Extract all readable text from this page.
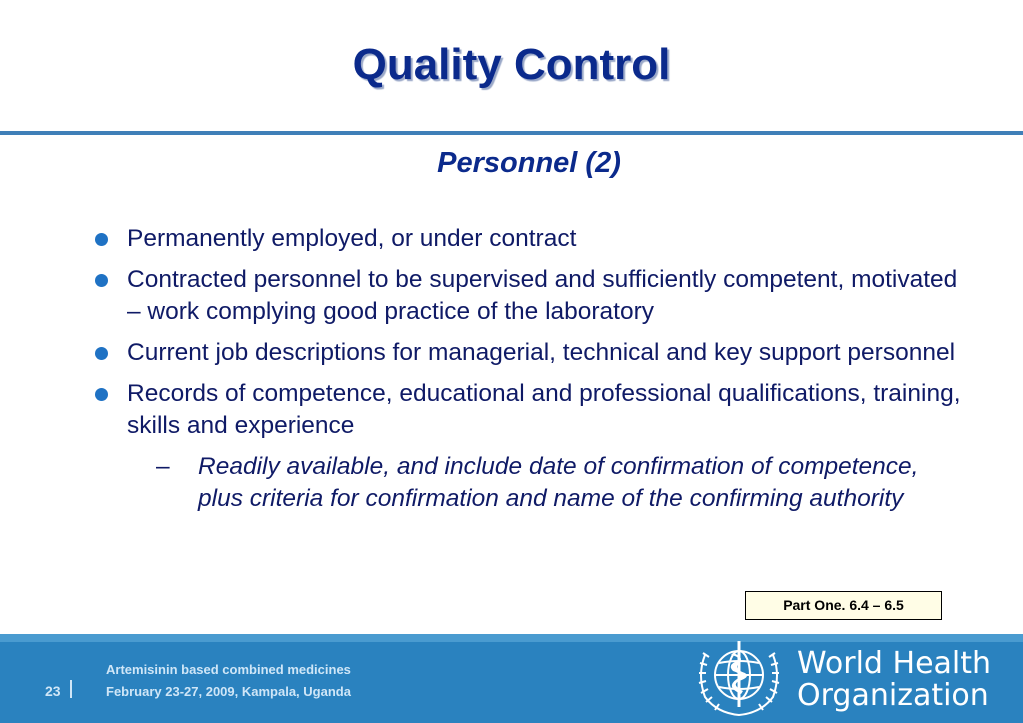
Quality Control
Personnel (2)
Permanently employed, or under contract
Contracted personnel to be supervised and sufficiently competent, motivated – work complying good practice of the laboratory
Current job descriptions for managerial, technical and key support personnel
Records of competence, educational and professional qualifications, training, skills and experience
– Readily available, and include date of confirmation of competence, plus criteria for confirmation and name of the confirming authority
Part One. 6.4 – 6.5
23
Artemisinin based combined medicines
February 23-27, 2009, Kampala, Uganda
World Health
Organization
